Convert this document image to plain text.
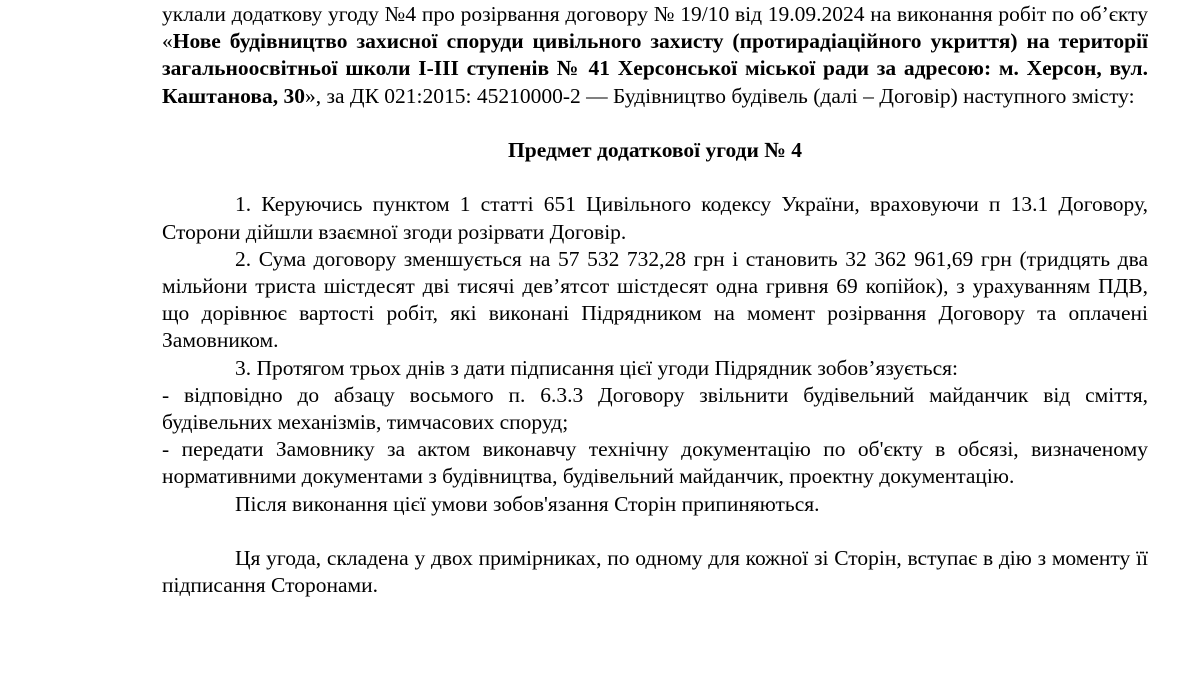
уклали додаткову угоду №4 про розірвання договору № 19/10 від 19.09.2024 на виконання робіт по об’єкту «Нове будівництво захисної споруди цивільного захисту (протирадіаційного укриття) на території загальноосвітньої школи І-ІІІ ступенів № 41 Херсонської міської ради за адресою: м. Херсон, вул. Каштанова, 30», за ДК 021:2015: 45210000-2 — Будівництво будівель (далі – Договір) наступного змісту:

Предмет додаткової угоди № 4

1. Керуючись пунктом 1 статті 651 Цивільного кодексу України, враховуючи п 13.1 Договору, Сторони дійшли взаємної згоди розірвати Договір.

2. Сума договору зменшується на 57 532 732,28 грн і становить 32 362 961,69 грн (тридцять два мільйони триста шістдесят дві тисячі дев’ятсот шістдесят одна гривня 69 копійок), з урахуванням ПДВ, що дорівнює вартості робіт, які виконані Підрядником на момент розірвання Договору та оплачені Замовником.

3. Протягом трьох днів з дати підписання цієї угоди Підрядник зобов’язується:

- відповідно до абзацу восьмого п. 6.3.3 Договору звільнити будівельний майданчик від сміття, будівельних механізмів, тимчасових споруд;

- передати Замовнику за актом виконавчу технічну документацію по об'єкту в обсязі, визначеному нормативними документами з будівництва, будівельний майданчик, проектну документацію.

Після виконання цієї умови зобов'язання Сторін припиняються.

Ця угода, складена у двох примірниках, по одному для кожної зі Сторін, вступає в дію з моменту її підписання Сторонами.
